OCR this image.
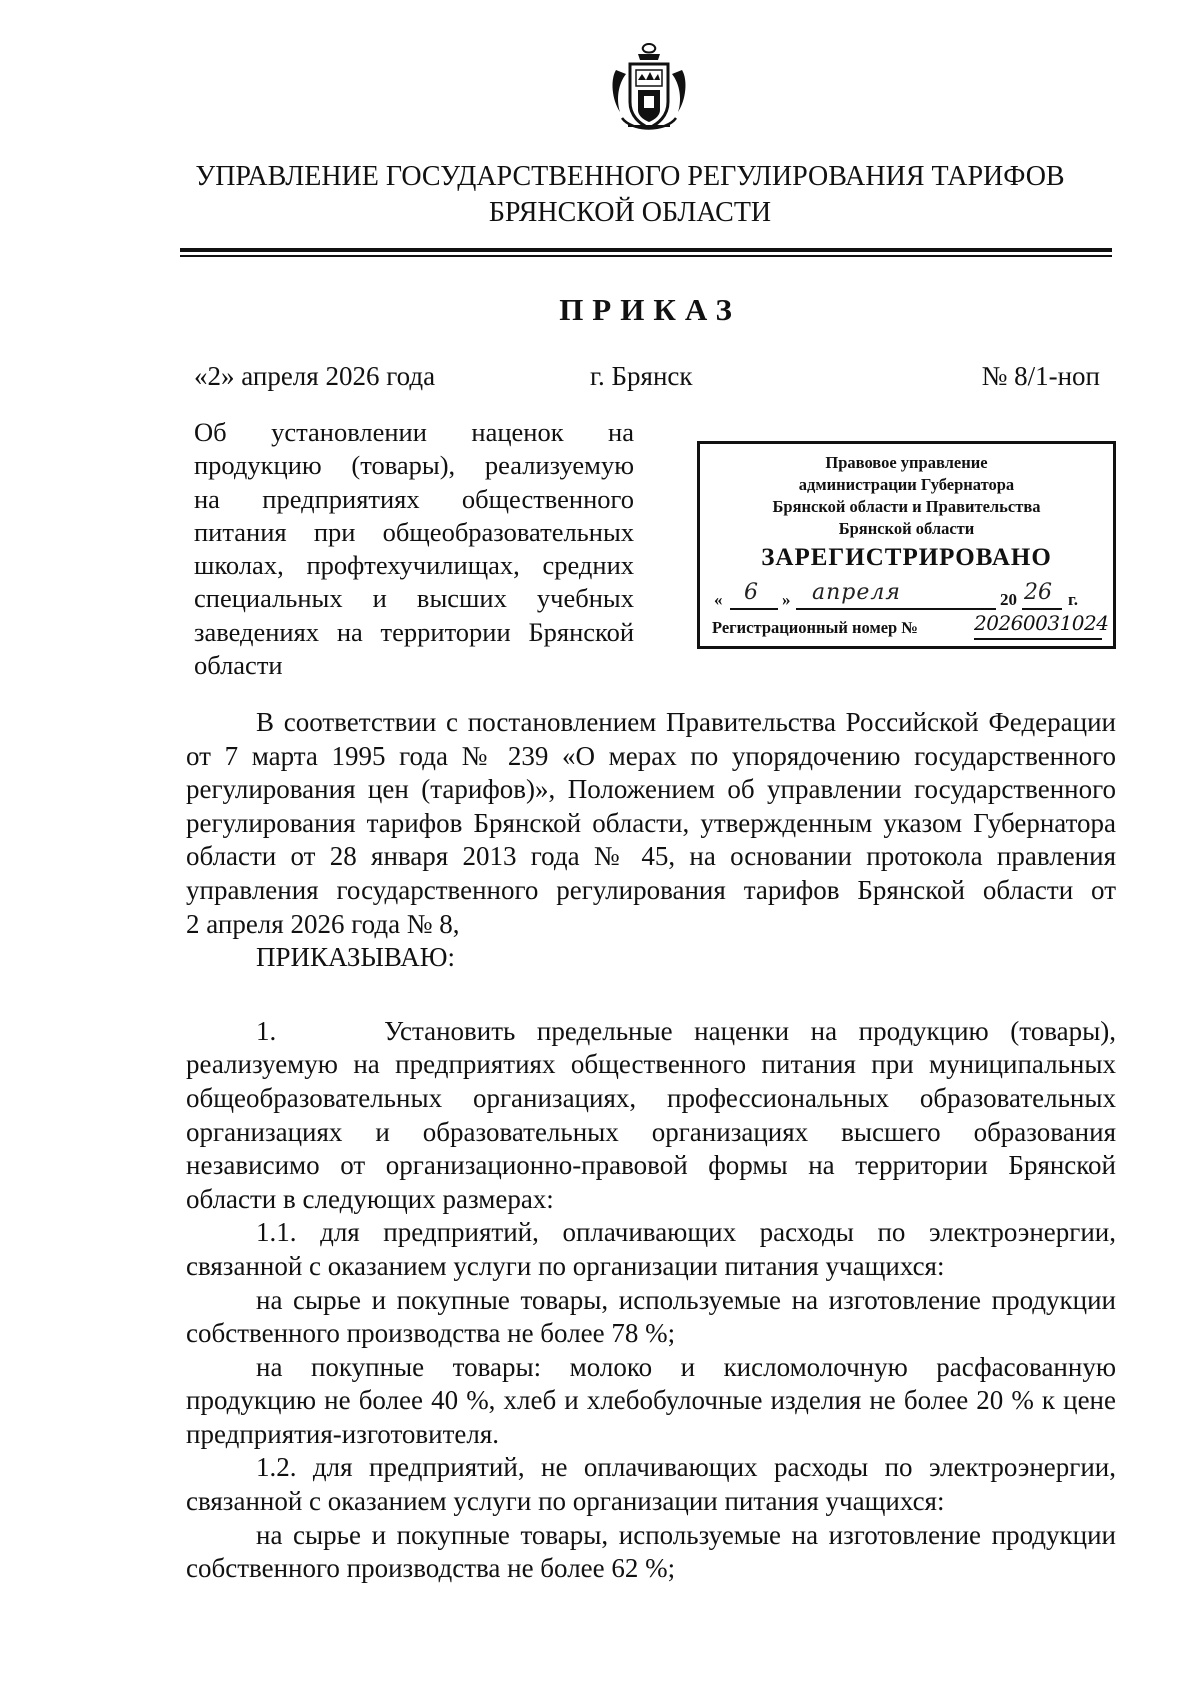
УПРАВЛЕНИЕ ГОСУДАРСТВЕННОГО РЕГУЛИРОВАНИЯ ТАРИФОВ
БРЯНСКОЙ ОБЛАСТИ
ПРИКАЗ
«2» апреля 2026 года	г. Брянск	№ 8/1-ноп
Об установлении наценок на
продукцию (товары), реализуемую
на предприятиях общественного
питания при общеобразовательных
школах, профтехучилищах, средних
специальных и высших учебных
заведениях на территории Брянской
области
Правовое управление
администрации Губернатора
Брянской области и Правительства
Брянской области
ЗАРЕГИСТРИРОВАНО
« 6 » апреля	20 26 г.
Регистрационный номер №	20260031024
В соответствии с постановлением Правительства Российской Федерации
от 7 марта 1995 года № 239 «О мерах по упорядочению государственного
регулирования цен (тарифов)», Положением об управлении государственного
регулирования тарифов Брянской области, утвержденным указом Губернатора
области от 28 января 2013 года № 45, на основании протокола правления
управления государственного регулирования тарифов Брянской области от
2 апреля 2026 года № 8,
ПРИКАЗЫВАЮ:
1.     Установить предельные наценки на продукцию (товары),
реализуемую на предприятиях общественного питания при муниципальных
общеобразовательных организациях, профессиональных образовательных
организациях и образовательных организациях высшего образования
независимо от организационно-правовой формы на территории Брянской
области в следующих размерах:
1.1. для предприятий, оплачивающих расходы по электроэнергии,
связанной с оказанием услуги по организации питания учащихся:
на сырье и покупные товары, используемые на изготовление продукции
собственного производства не более 78 %;
на покупные товары: молоко и кисломолочную расфасованную
продукцию не более 40 %, хлеб и хлебобулочные изделия не более 20 % к цене
предприятия-изготовителя.
1.2. для предприятий, не оплачивающих расходы по электроэнергии,
связанной с оказанием услуги по организации питания учащихся:
на сырье и покупные товары, используемые на изготовление продукции
собственного производства не более 62 %;
